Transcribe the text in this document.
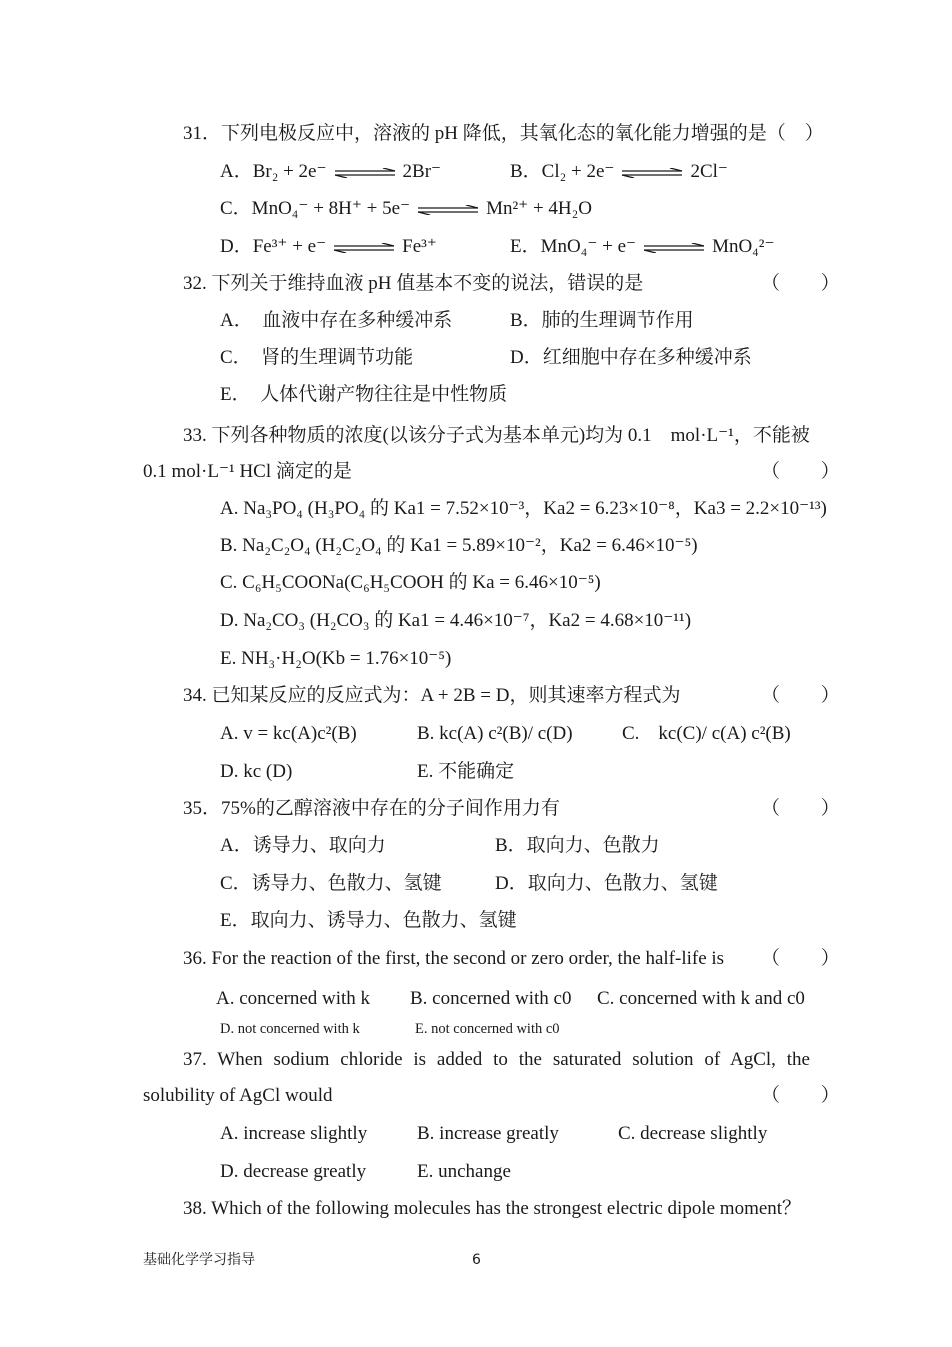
31．下列电极反应中，溶液的 pH 降低，其氧化态的氧化能力增强的是（　）
A．Br₂ + 2e⁻	2Br⁻	B．Cl₂ + 2e⁻	2Cl⁻
C．MnO₄⁻ + 8H⁺ + 5e⁻	Mn²⁺ + 4H₂O
D．Fe³⁺ + e⁻	Fe³⁺	E．MnO₄⁻ + e⁻	MnO₄²⁻
32. 下列关于维持血液 pH 值基本不变的说法，错误的是	（ ）
A．　血液中存在多种缓冲系	B．肺的生理调节作用
C．　肾的生理调节功能	D．红细胞中存在多种缓冲系
E．　人体代谢产物往往是中性物质
33. 下列各种物质的浓度(以该分子式为基本单元)均为 0.1　mol·L⁻¹，不能被
0.1 mol·L⁻¹ HCl 滴定的是	（ ）
A. Na₃PO₄ (H₃PO₄ 的 Ka1 = 7.52×10⁻³，Ka2 = 6.23×10⁻⁸，Ka3 = 2.2×10⁻¹³)
B. Na₂C₂O₄ (H₂C₂O₄ 的 Ka1 = 5.89×10⁻²，Ka2 = 6.46×10⁻⁵)
C. C₆H₅COONa(C₆H₅COOH 的 Ka = 6.46×10⁻⁵)
D. Na₂CO₃ (H₂CO₃ 的 Ka1 = 4.46×10⁻⁷，Ka2 = 4.68×10⁻¹¹)
E. NH₃·H₂O(Kb = 1.76×10⁻⁵)
34. 已知某反应的反应式为：A + 2B = D，则其速率方程式为	（ ）
A. v = kc(A)c²(B)	B. kc(A) c²(B)/ c(D)	C.　kc(C)/ c(A) c²(B)
D. kc (D)	E. 不能确定
35．75%的乙醇溶液中存在的分子间作用力有	（ ）
A．诱导力、取向力	B．取向力、色散力
C．诱导力、色散力、氢键	D．取向力、色散力、氢键
E．取向力、诱导力、色散力、氢键
36. For the reaction of the first, the second or zero order, the half-life is （ ）
A. concerned with k B. concerned with c0 C. concerned with k and c0
D. not concerned with k	E. not concerned with c0
37. When sodium chloride is added to the saturated solution of AgCl, the
solubility of AgCl would	（ ）
A. increase slightly	B. increase greatly	C. decrease slightly
D. decrease greatly	E. unchange
38. Which of the following molecules has the strongest electric dipole moment？
基础化学学习指导	6
